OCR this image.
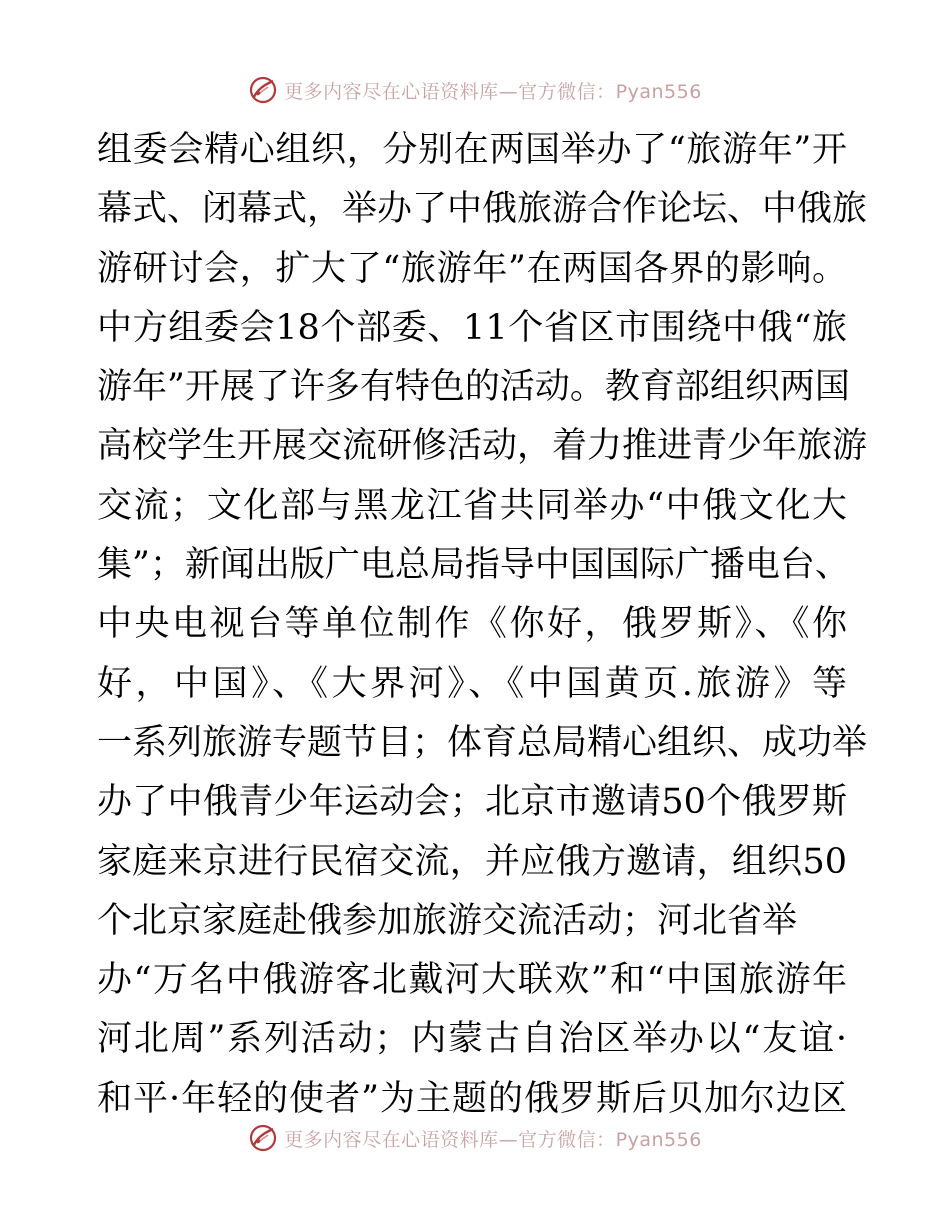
更多内容尽在心语资料库—官方微信：Pyan556
组委会精心组织，分别在两国举办了“旅游年”开
幕式、闭幕式，举办了中俄旅游合作论坛、中俄旅
游研讨会，扩大了“旅游年”在两国各界的影响。
中方组委会18个部委、11个省区市围绕中俄“旅
游年”开展了许多有特色的活动。教育部组织两国
高校学生开展交流研修活动，着力推进青少年旅游
交流；文化部与黑龙江省共同举办“中俄文化大
集”；新闻出版广电总局指导中国国际广播电台、
中央电视台等单位制作《你好，俄罗斯》、《你
好，中国》、《大界河》、《中国黄页.旅游》等
一系列旅游专题节目；体育总局精心组织、成功举
办了中俄青少年运动会；北京市邀请50个俄罗斯
家庭来京进行民宿交流，并应俄方邀请，组织50
个北京家庭赴俄参加旅游交流活动；河北省举
办“万名中俄游客北戴河大联欢”和“中国旅游年
河北周”系列活动；内蒙古自治区举办以“友谊·
和平·年轻的使者”为主题的俄罗斯后贝加尔边区
更多内容尽在心语资料库—官方微信：Pyan556
